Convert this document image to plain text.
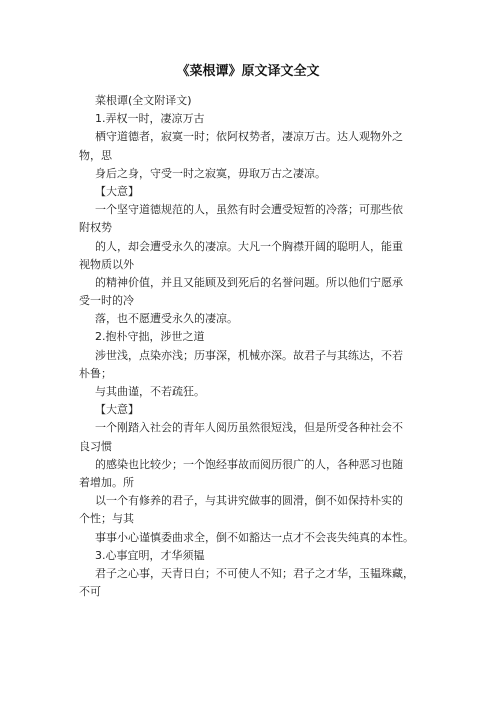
《菜根谭》原文译文全文

菜根谭(全文附译文)

1.弄权一时，凄凉万古

栖守道德者，寂寞一时；依阿权势者，凄凉万古。达人观物外之

物，思

身后之身，守受一时之寂寞，毋取万古之凄凉。

【大意】

一个坚守道德规范的人，虽然有时会遭受短暂的冷落；可那些依

附权势

的人，却会遭受永久的凄凉。大凡一个胸襟开阔的聪明人，能重

视物质以外

的精神价值，并且又能顾及到死后的名誉问题。所以他们宁愿承

受一时的冷

落，也不愿遭受永久的凄凉。

2.抱朴守拙，涉世之道

涉世浅，点染亦浅；历事深，机械亦深。故君子与其练达，不若

朴鲁；

与其曲谨，不若疏狂。

【大意】

一个刚踏入社会的青年人阅历虽然很短浅，但是所受各种社会不

良习惯

的感染也比较少；一个饱经事故而阅历很广的人，各种恶习也随

着增加。所

以一个有修养的君子，与其讲究做事的圆滑，倒不如保持朴实的

个性；与其

事事小心谨慎委曲求全，倒不如豁达一点才不会丧失纯真的本性。

3.心事宜明，才华须韫

君子之心事，天青日白；不可使人不知；君子之才华，玉韫珠藏，

不可
